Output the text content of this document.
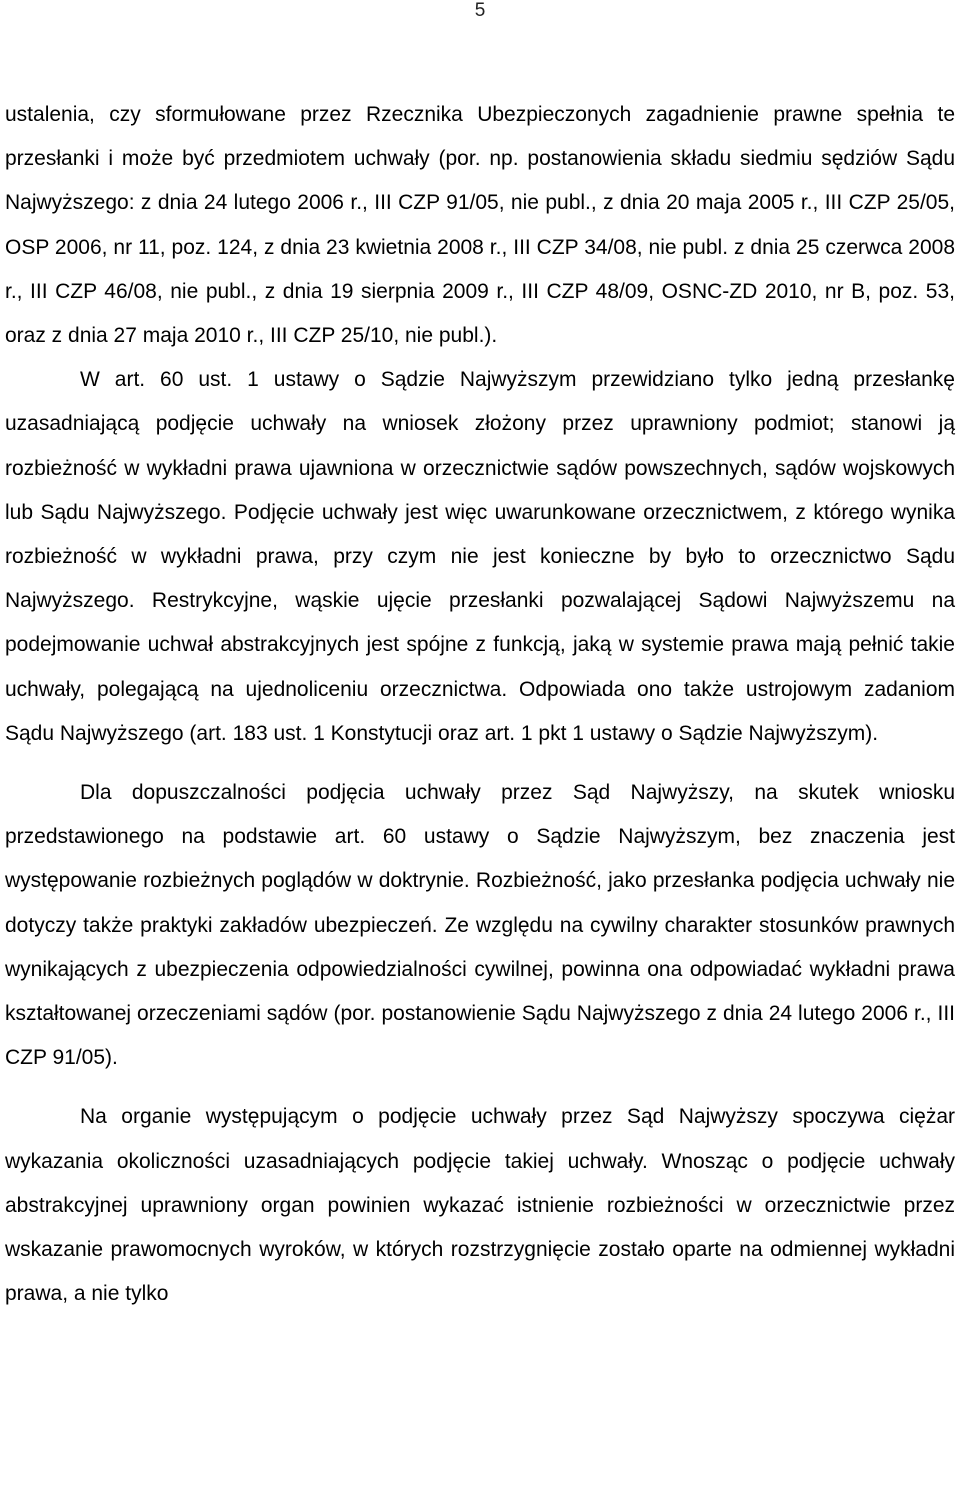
5

ustalenia, czy sformułowane przez Rzecznika Ubezpieczonych zagadnienie prawne spełnia te przesłanki i może być przedmiotem uchwały (por. np. postanowienia składu siedmiu sędziów Sądu Najwyższego: z dnia 24 lutego 2006 r., III CZP 91/05, nie publ., z dnia 20 maja 2005 r., III CZP 25/05, OSP 2006, nr 11, poz. 124, z dnia 23 kwietnia 2008 r., III CZP 34/08, nie publ. z dnia 25 czerwca 2008 r., III CZP 46/08, nie publ., z dnia 19 sierpnia 2009 r., III CZP 48/09, OSNC-ZD 2010, nr B, poz. 53, oraz z dnia 27 maja 2010 r., III CZP 25/10, nie publ.).

W art. 60 ust. 1 ustawy o Sądzie Najwyższym przewidziano tylko jedną przesłankę uzasadniającą podjęcie uchwały na wniosek złożony przez uprawniony podmiot; stanowi ją rozbieżność w wykładni prawa ujawniona w orzecznictwie sądów powszechnych, sądów wojskowych lub Sądu Najwyższego. Podjęcie uchwały jest więc uwarunkowane orzecznictwem, z którego wynika rozbieżność w wykładni prawa, przy czym nie jest konieczne by było to orzecznictwo Sądu Najwyższego. Restrykcyjne, wąskie ujęcie przesłanki pozwalającej Sądowi Najwyższemu na podejmowanie uchwał abstrakcyjnych jest spójne z funkcją, jaką w systemie prawa mają pełnić takie uchwały, polegającą na ujednoliceniu orzecznictwa. Odpowiada ono także ustrojowym zadaniom Sądu Najwyższego (art. 183 ust. 1 Konstytucji oraz art. 1 pkt 1 ustawy o Sądzie Najwyższym).

Dla dopuszczalności podjęcia uchwały przez Sąd Najwyższy, na skutek wniosku przedstawionego na podstawie art. 60 ustawy o Sądzie Najwyższym, bez znaczenia jest występowanie rozbieżnych poglądów w doktrynie. Rozbieżność, jako przesłanka podjęcia uchwały nie dotyczy także praktyki zakładów ubezpieczeń. Ze względu na cywilny charakter stosunków prawnych wynikających z ubezpieczenia odpowiedzialności cywilnej, powinna ona odpowiadać wykładni prawa kształtowanej orzeczeniami sądów (por. postanowienie Sądu Najwyższego z dnia 24 lutego 2006 r., III CZP 91/05).

Na organie występującym o podjęcie uchwały przez Sąd Najwyższy spoczywa ciężar wykazania okoliczności uzasadniających podjęcie takiej uchwały. Wnosząc o podjęcie uchwały abstrakcyjnej uprawniony organ powinien wykazać istnienie rozbieżności w orzecznictwie przez wskazanie prawomocnych wyroków, w których rozstrzygnięcie zostało oparte na odmiennej wykładni prawa, a nie tylko
